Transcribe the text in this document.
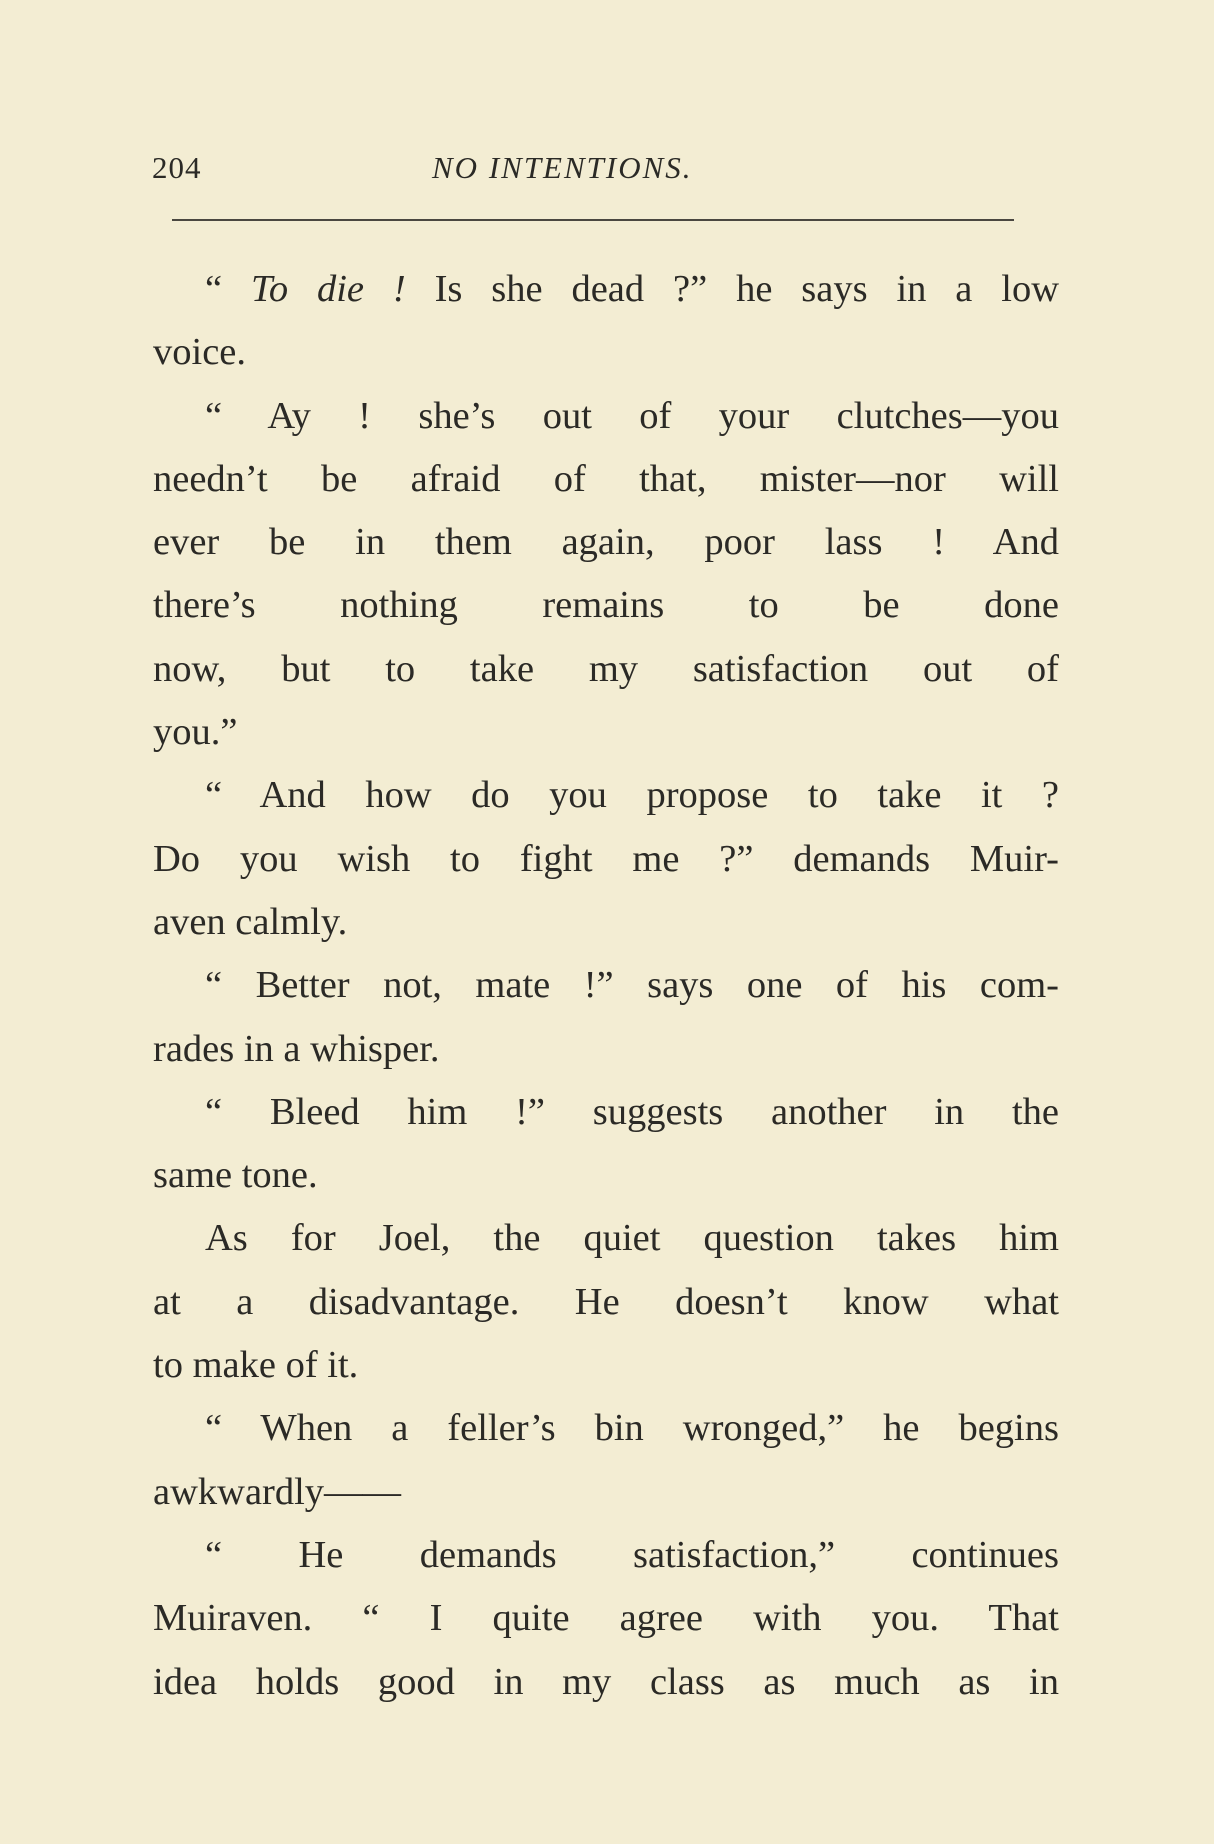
204	NO INTENTIONS.
“ To die ! Is she dead ?” he says in a low
voice.
“ Ay ! she’s out of your clutches—you
needn’t be afraid of that, mister—nor will
ever be in them again, poor lass ! And
there’s nothing remains to be done
now, but to take my satisfaction out of
you.”
“ And how do you propose to take it ?
Do you wish to fight me ?” demands Muir-
aven calmly.
“ Better not, mate !” says one of his com-
rades in a whisper.
“ Bleed him !” suggests another in the
same tone.
As for Joel, the quiet question takes him
at a disadvantage. He doesn’t know what
to make of it.
“ When a feller’s bin wronged,” he begins
awkwardly——
“ He demands satisfaction,” continues
Muiraven. “ I quite agree with you. That
idea holds good in my class as much as in
